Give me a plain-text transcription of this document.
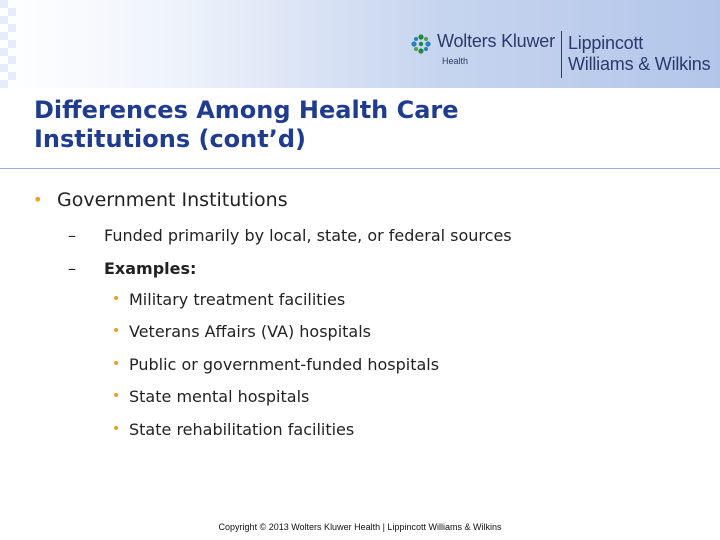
Wolters Kluwer
Health
Lippincott
Williams & Wilkins
Differences Among Health Care
Institutions (cont’d)
• Government Institutions
– Funded primarily by local, state, or federal sources
– Examples:
• Military treatment facilities
• Veterans Affairs (VA) hospitals
• Public or government-funded hospitals
• State mental hospitals
• State rehabilitation facilities
Copyright © 2013 Wolters Kluwer Health | Lippincott Williams & Wilkins
